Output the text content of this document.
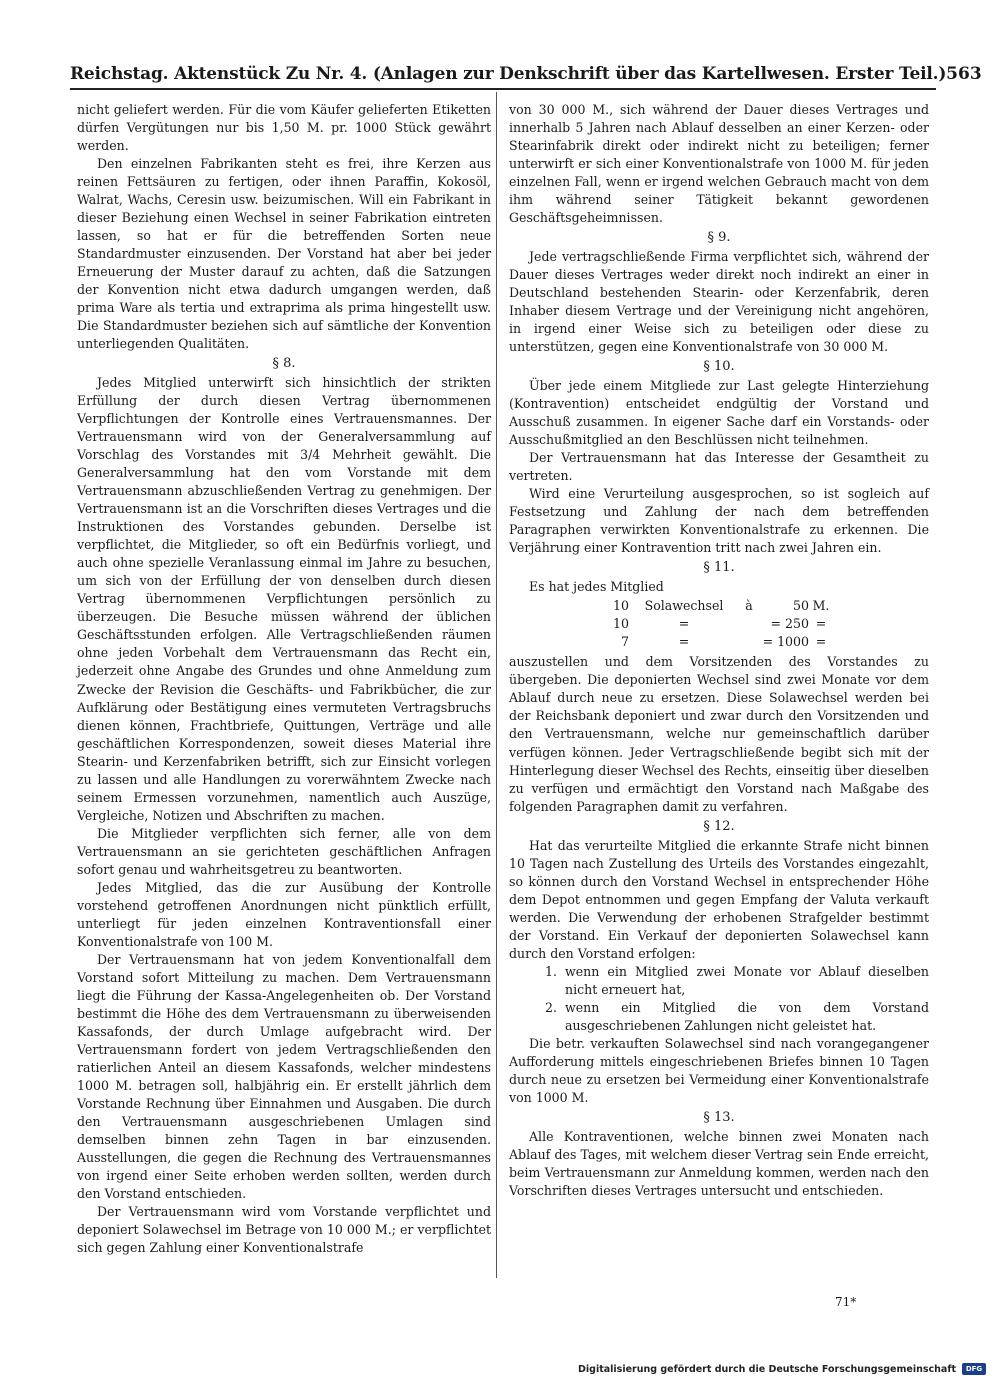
Reichstag. Aktenstück Zu Nr. 4. (Anlagen zur Denkschrift über das Kartellwesen. Erster Teil.) 563

nicht geliefert werden. Für die vom Käufer gelieferten Etiketten dürfen Vergütungen nur bis 1,50 M. pr. 1000 Stück gewährt werden.

Den einzelnen Fabrikanten steht es frei, ihre Kerzen aus reinen Fettsäuren zu fertigen, oder ihnen Paraffin, Kokosöl, Walrat, Wachs, Ceresin usw. beizumischen. Will ein Fabrikant in dieser Beziehung einen Wechsel in seiner Fabrikation eintreten lassen, so hat er für die betreffenden Sorten neue Standardmuster einzusenden. Der Vorstand hat aber bei jeder Erneuerung der Muster darauf zu achten, daß die Satzungen der Konvention nicht etwa dadurch umgangen werden, daß prima Ware als tertia und extraprima als prima hingestellt usw. Die Standardmuster beziehen sich auf sämtliche der Konvention unterliegenden Qualitäten.

§ 8.

Jedes Mitglied unterwirft sich hinsichtlich der strikten Erfüllung der durch diesen Vertrag übernommenen Verpflichtungen der Kontrolle eines Vertrauensmannes. Der Vertrauensmann wird von der Generalversammlung auf Vorschlag des Vorstandes mit 3/4 Mehrheit gewählt. Die Generalversammlung hat den vom Vorstande mit dem Vertrauensmann abzuschließenden Vertrag zu genehmigen. Der Vertrauensmann ist an die Vorschriften dieses Vertrages und die Instruktionen des Vorstandes gebunden. Derselbe ist verpflichtet, die Mitglieder, so oft ein Bedürfnis vorliegt, und auch ohne spezielle Veranlassung einmal im Jahre zu besuchen, um sich von der Erfüllung der von denselben durch diesen Vertrag übernommenen Verpflichtungen persönlich zu überzeugen. Die Besuche müssen während der üblichen Geschäftsstunden erfolgen. Alle Vertragschließenden räumen ohne jeden Vorbehalt dem Vertrauensmann das Recht ein, jederzeit ohne Angabe des Grundes und ohne Anmeldung zum Zwecke der Revision die Geschäfts- und Fabrikbücher, die zur Aufklärung oder Bestätigung eines vermuteten Vertragsbruchs dienen können, Frachtbriefe, Quittungen, Verträge und alle geschäftlichen Korrespondenzen, soweit dieses Material ihre Stearin- und Kerzenfabriken betrifft, sich zur Einsicht vorlegen zu lassen und alle Handlungen zu vorerwähntem Zwecke nach seinem Ermessen vorzunehmen, namentlich auch Auszüge, Vergleiche, Notizen und Abschriften zu machen.

Die Mitglieder verpflichten sich ferner, alle von dem Vertrauensmann an sie gerichteten geschäftlichen Anfragen sofort genau und wahrheitsgetreu zu beantworten.

Jedes Mitglied, das die zur Ausübung der Kontrolle vorstehend getroffenen Anordnungen nicht pünktlich erfüllt, unterliegt für jeden einzelnen Kontraventionsfall einer Konventionalstrafe von 100 M.

Der Vertrauensmann hat von jedem Konventionalfall dem Vorstand sofort Mitteilung zu machen. Dem Vertrauensmann liegt die Führung der Kassa-Angelegenheiten ob. Der Vorstand bestimmt die Höhe des dem Vertrauensmann zu überweisenden Kassafonds, der durch Umlage aufgebracht wird. Der Vertrauensmann fordert von jedem Vertragschließenden den ratierlichen Anteil an diesem Kassafonds, welcher mindestens 1000 M. betragen soll, halbjährig ein. Er erstellt jährlich dem Vorstande Rechnung über Einnahmen und Ausgaben. Die durch den Vertrauensmann ausgeschriebenen Umlagen sind demselben binnen zehn Tagen in bar einzusenden. Ausstellungen, die gegen die Rechnung des Vertrauensmannes von irgend einer Seite erhoben werden sollten, werden durch den Vorstand entschieden.

Der Vertrauensmann wird vom Vorstande verpflichtet und deponiert Solawechsel im Betrage von 10 000 M.; er verpflichtet sich gegen Zahlung einer Konventionalstrafe

von 30 000 M., sich während der Dauer dieses Vertrages und innerhalb 5 Jahren nach Ablauf desselben an einer Kerzen- oder Stearinfabrik direkt oder indirekt nicht zu beteiligen; ferner unterwirft er sich einer Konventionalstrafe von 1000 M. für jeden einzelnen Fall, wenn er irgend welchen Gebrauch macht von dem ihm während seiner Tätigkeit bekannt gewordenen Geschäftsgeheimnissen.

§ 9.

Jede vertragschließende Firma verpflichtet sich, während der Dauer dieses Vertrages weder direkt noch indirekt an einer in Deutschland bestehenden Stearin- oder Kerzenfabrik, deren Inhaber diesem Vertrage und der Vereinigung nicht angehören, in irgend einer Weise sich zu beteiligen oder diese zu unterstützen, gegen eine Konventionalstrafe von 30 000 M.

§ 10.

Über jede einem Mitgliede zur Last gelegte Hinterziehung (Kontravention) entscheidet endgültig der Vorstand und Ausschuß zusammen. In eigener Sache darf ein Vorstands- oder Ausschußmitglied an den Beschlüssen nicht teilnehmen.

Der Vertrauensmann hat das Interesse der Gesamtheit zu vertreten.

Wird eine Verurteilung ausgesprochen, so ist sogleich auf Festsetzung und Zahlung der nach dem betreffenden Paragraphen verwirkten Konventionalstrafe zu erkennen. Die Verjährung einer Kontravention tritt nach zwei Jahren ein.

§ 11.

Es hat jedes Mitglied

10	Solawechsel	à	50 M.
10	=	= 250 =
7	=	= 1000 =

auszustellen und dem Vorsitzenden des Vorstandes zu übergeben. Die deponierten Wechsel sind zwei Monate vor dem Ablauf durch neue zu ersetzen. Diese Solawechsel werden bei der Reichsbank deponiert und zwar durch den Vorsitzenden und den Vertrauensmann, welche nur gemeinschaftlich darüber verfügen können. Jeder Vertragschließende begibt sich mit der Hinterlegung dieser Wechsel des Rechts, einseitig über dieselben zu verfügen und ermächtigt den Vorstand nach Maßgabe des folgenden Paragraphen damit zu verfahren.

§ 12.

Hat das verurteilte Mitglied die erkannte Strafe nicht binnen 10 Tagen nach Zustellung des Urteils des Vorstandes eingezahlt, so können durch den Vorstand Wechsel in entsprechender Höhe dem Depot entnommen und gegen Empfang der Valuta verkauft werden. Die Verwendung der erhobenen Strafgelder bestimmt der Vorstand. Ein Verkauf der deponierten Solawechsel kann durch den Vorstand erfolgen:

1. wenn ein Mitglied zwei Monate vor Ablauf dieselben nicht erneuert hat,
2. wenn ein Mitglied die von dem Vorstand ausgeschriebenen Zahlungen nicht geleistet hat.

Die betr. verkauften Solawechsel sind nach vorangegangener Aufforderung mittels eingeschriebenen Briefes binnen 10 Tagen durch neue zu ersetzen bei Vermeidung einer Konventionalstrafe von 1000 M.

§ 13.

Alle Kontraventionen, welche binnen zwei Monaten nach Ablauf des Tages, mit welchem dieser Vertrag sein Ende erreicht, beim Vertrauensmann zur Anmeldung kommen, werden nach den Vorschriften dieses Vertrages untersucht und entschieden.

71*
Digitalisierung gefördert durch die Deutsche Forschungsgemeinschaft	DFG
